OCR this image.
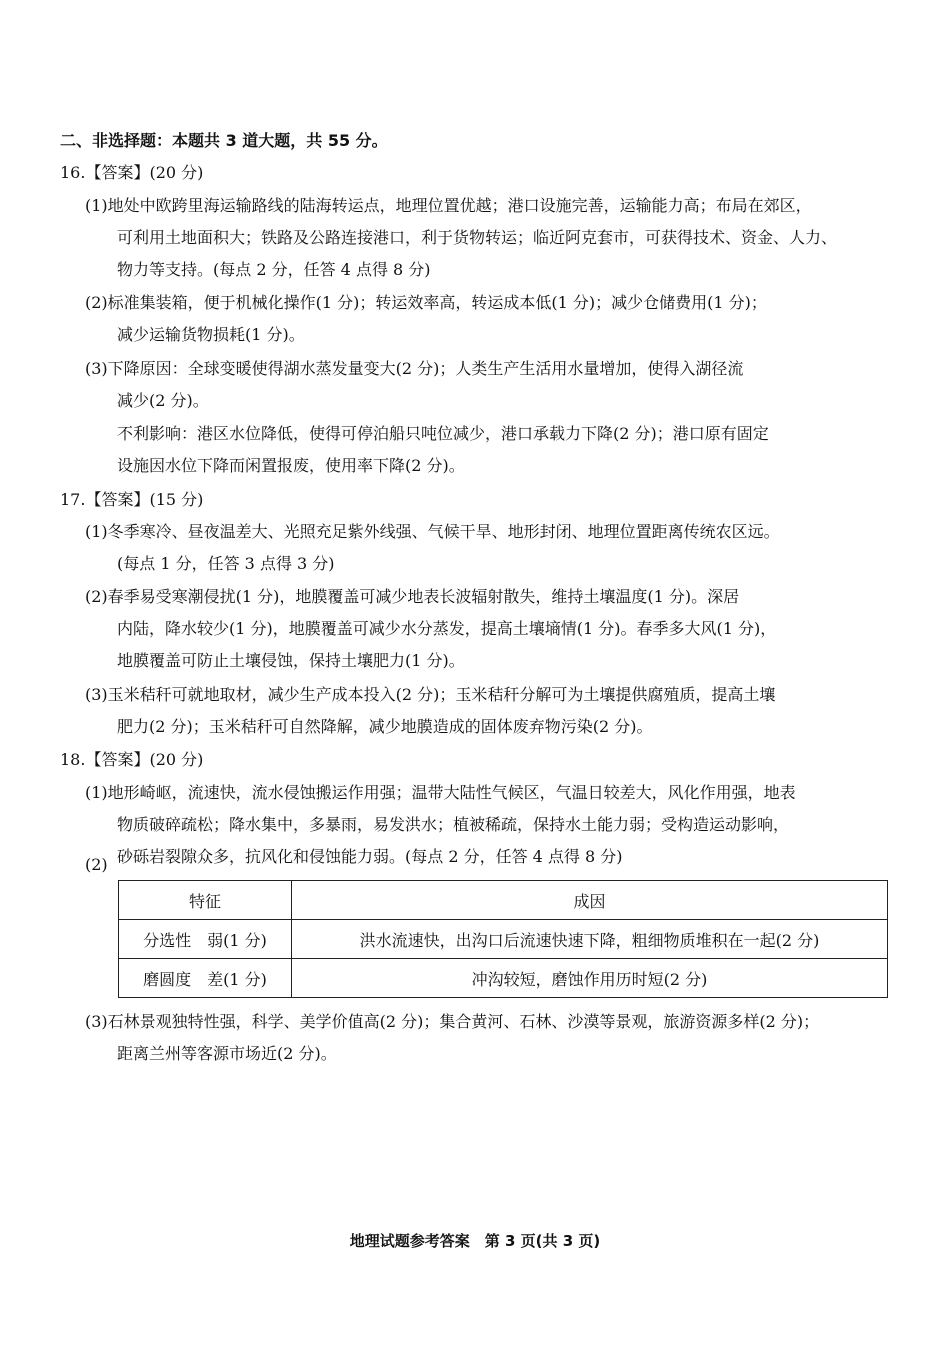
二、非选择题：本题共 3 道大题，共 55 分。
16.【答案】(20 分)
(1)地处中欧跨里海运输路线的陆海转运点，地理位置优越；港口设施完善，运输能力高；布局在郊区，
可利用土地面积大；铁路及公路连接港口，利于货物转运；临近阿克套市，可获得技术、资金、人力、
物力等支持。(每点 2 分，任答 4 点得 8 分)
(2)标准集装箱，便于机械化操作(1 分)；转运效率高，转运成本低(1 分)；减少仓储费用(1 分)；
减少运输货物损耗(1 分)。
(3)下降原因：全球变暖使得湖水蒸发量变大(2 分)；人类生产生活用水量增加，使得入湖径流
减少(2 分)。
不利影响：港区水位降低，使得可停泊船只吨位减少，港口承载力下降(2 分)；港口原有固定
设施因水位下降而闲置报废，使用率下降(2 分)。
17.【答案】(15 分)
(1)冬季寒冷、昼夜温差大、光照充足紫外线强、气候干旱、地形封闭、地理位置距离传统农区远。
(每点 1 分，任答 3 点得 3 分)
(2)春季易受寒潮侵扰(1 分)，地膜覆盖可减少地表长波辐射散失，维持土壤温度(1 分)。深居
内陆，降水较少(1 分)，地膜覆盖可减少水分蒸发，提高土壤墒情(1 分)。春季多大风(1 分)，
地膜覆盖可防止土壤侵蚀，保持土壤肥力(1 分)。
(3)玉米秸秆可就地取材，减少生产成本投入(2 分)；玉米秸秆分解可为土壤提供腐殖质，提高土壤
肥力(2 分)；玉米秸秆可自然降解，减少地膜造成的固体废弃物污染(2 分)。
18.【答案】(20 分)
(1)地形崎岖，流速快，流水侵蚀搬运作用强；温带大陆性气候区，气温日较差大，风化作用强，地表
物质破碎疏松；降水集中，多暴雨，易发洪水；植被稀疏，保持水土能力弱；受构造运动影响，
砂砾岩裂隙众多，抗风化和侵蚀能力弱。(每点 2 分，任答 4 点得 8 分)
(2)
特征	成因
分选性　弱(1 分)	洪水流速快，出沟口后流速快速下降，粗细物质堆积在一起(2 分)
磨圆度　差(1 分)	冲沟较短，磨蚀作用历时短(2 分)
(3)石林景观独特性强，科学、美学价值高(2 分)；集合黄河、石林、沙漠等景观，旅游资源多样(2 分)；
距离兰州等客源市场近(2 分)。
地理试题参考答案　第 3 页(共 3 页)
